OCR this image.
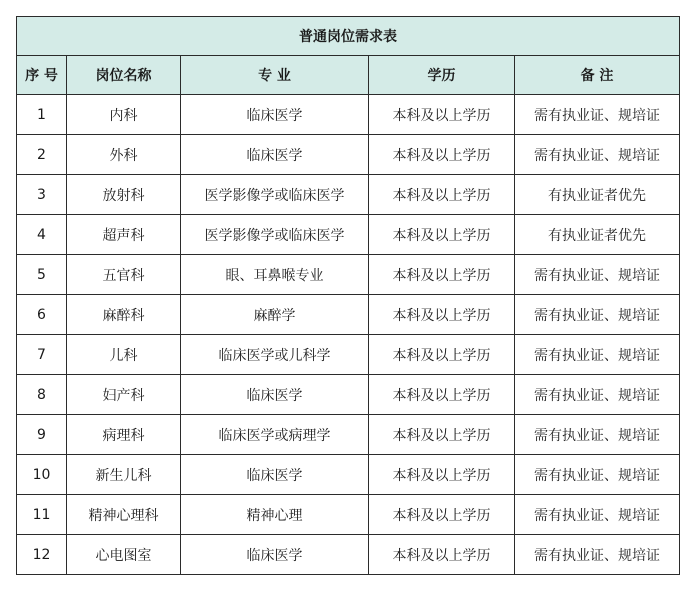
普通岗位需求表				
序 号	岗位名称	专 业	学历	备 注
1	内科	临床医学	本科及以上学历	需有执业证、规培证
2	外科	临床医学	本科及以上学历	需有执业证、规培证
3	放射科	医学影像学或临床医学	本科及以上学历	有执业证者优先
4	超声科	医学影像学或临床医学	本科及以上学历	有执业证者优先
5	五官科	眼、耳鼻喉专业	本科及以上学历	需有执业证、规培证
6	麻醉科	麻醉学	本科及以上学历	需有执业证、规培证
7	儿科	临床医学或儿科学	本科及以上学历	需有执业证、规培证
8	妇产科	临床医学	本科及以上学历	需有执业证、规培证
9	病理科	临床医学或病理学	本科及以上学历	需有执业证、规培证
10	新生儿科	临床医学	本科及以上学历	需有执业证、规培证
11	精神心理科	精神心理	本科及以上学历	需有执业证、规培证
12	心电图室	临床医学	本科及以上学历	需有执业证、规培证
